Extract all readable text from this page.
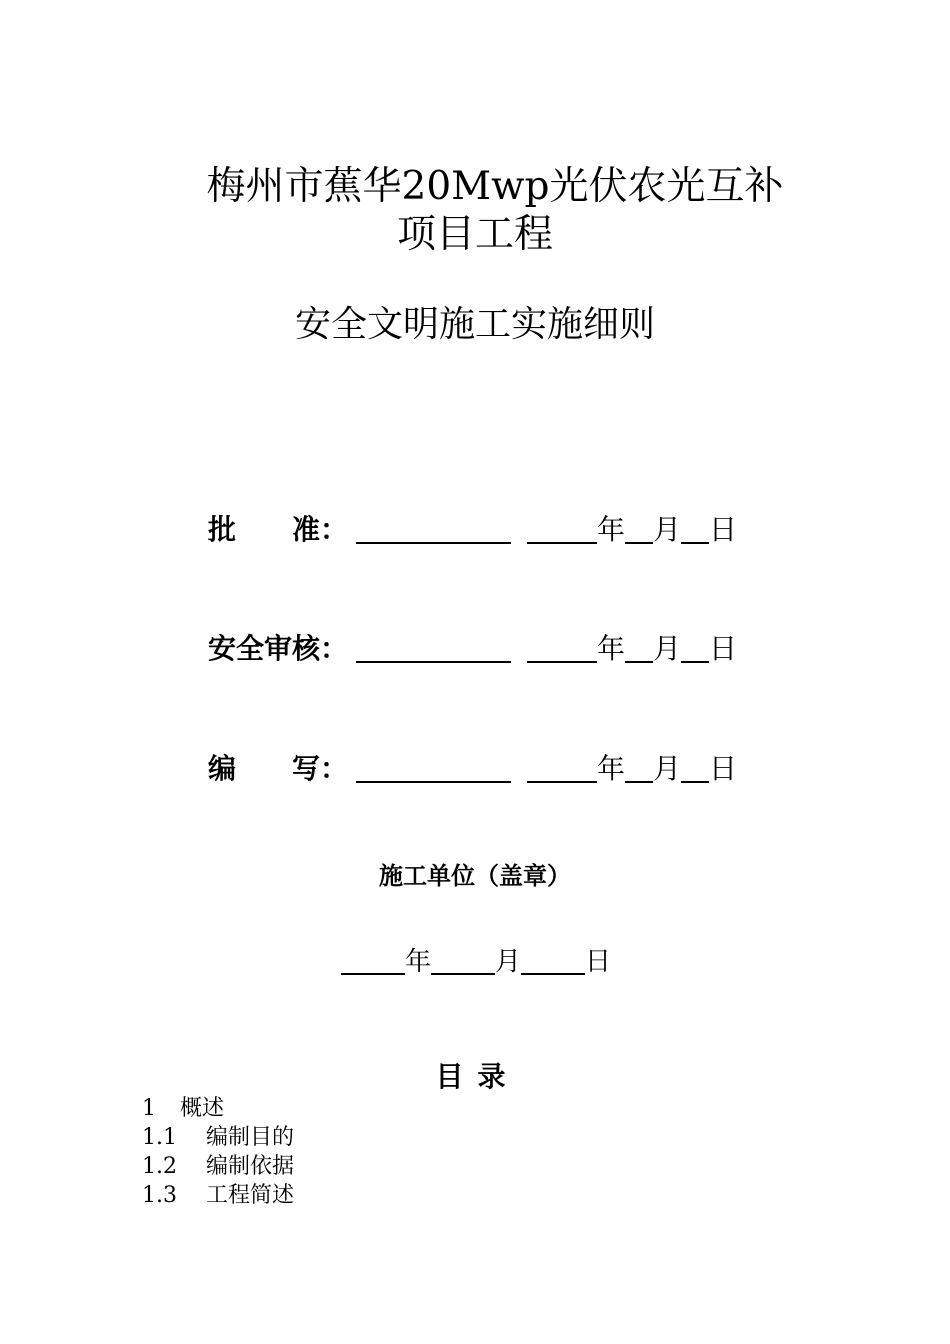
梅州市蕉华20Mwp光伏农光互补
项目工程
安全文明施工实施细则
批　　准：	年 月 日
安全审核：	年 月 日
编　　写：	年 月 日
施工单位（盖章）
年 月 日
目录
1 概述
1.1 编制目的
1.2 编制依据
1.3 工程简述
